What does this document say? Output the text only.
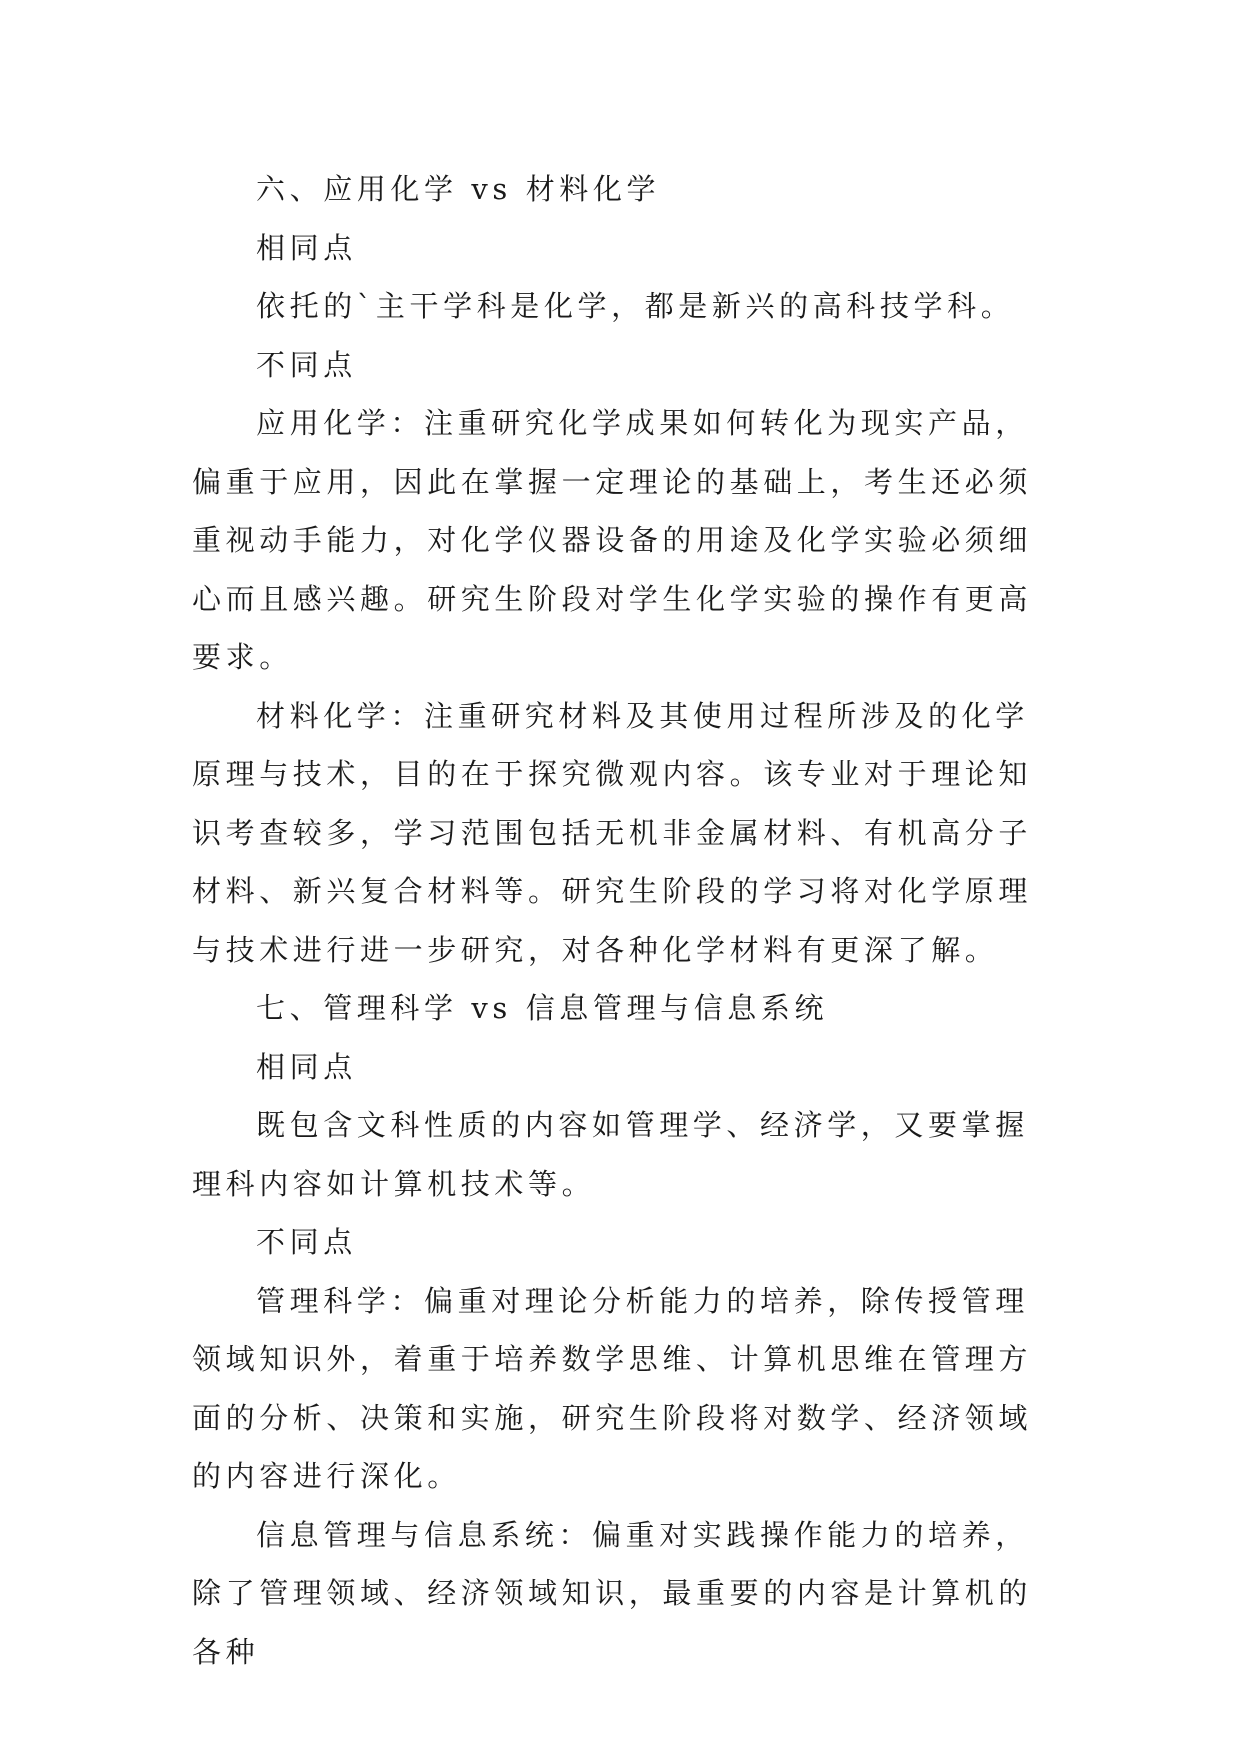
六、应用化学 vs 材料化学

相同点

依托的`主干学科是化学，都是新兴的高科技学科。

不同点

应用化学：注重研究化学成果如何转化为现实产品，偏重于应用，因此在掌握一定理论的基础上，考生还必须重视动手能力，对化学仪器设备的用途及化学实验必须细心而且感兴趣。研究生阶段对学生化学实验的操作有更高要求。

材料化学：注重研究材料及其使用过程所涉及的化学原理与技术，目的在于探究微观内容。该专业对于理论知识考查较多，学习范围包括无机非金属材料、有机高分子材料、新兴复合材料等。研究生阶段的学习将对化学原理与技术进行进一步研究，对各种化学材料有更深了解。

七、管理科学 vs 信息管理与信息系统

相同点

既包含文科性质的内容如管理学、经济学，又要掌握理科内容如计算机技术等。

不同点

管理科学：偏重对理论分析能力的培养，除传授管理领域知识外，着重于培养数学思维、计算机思维在管理方面的分析、决策和实施，研究生阶段将对数学、经济领域的内容进行深化。

信息管理与信息系统：偏重对实践操作能力的培养，除了管理领域、经济领域知识，最重要的内容是计算机的各种
